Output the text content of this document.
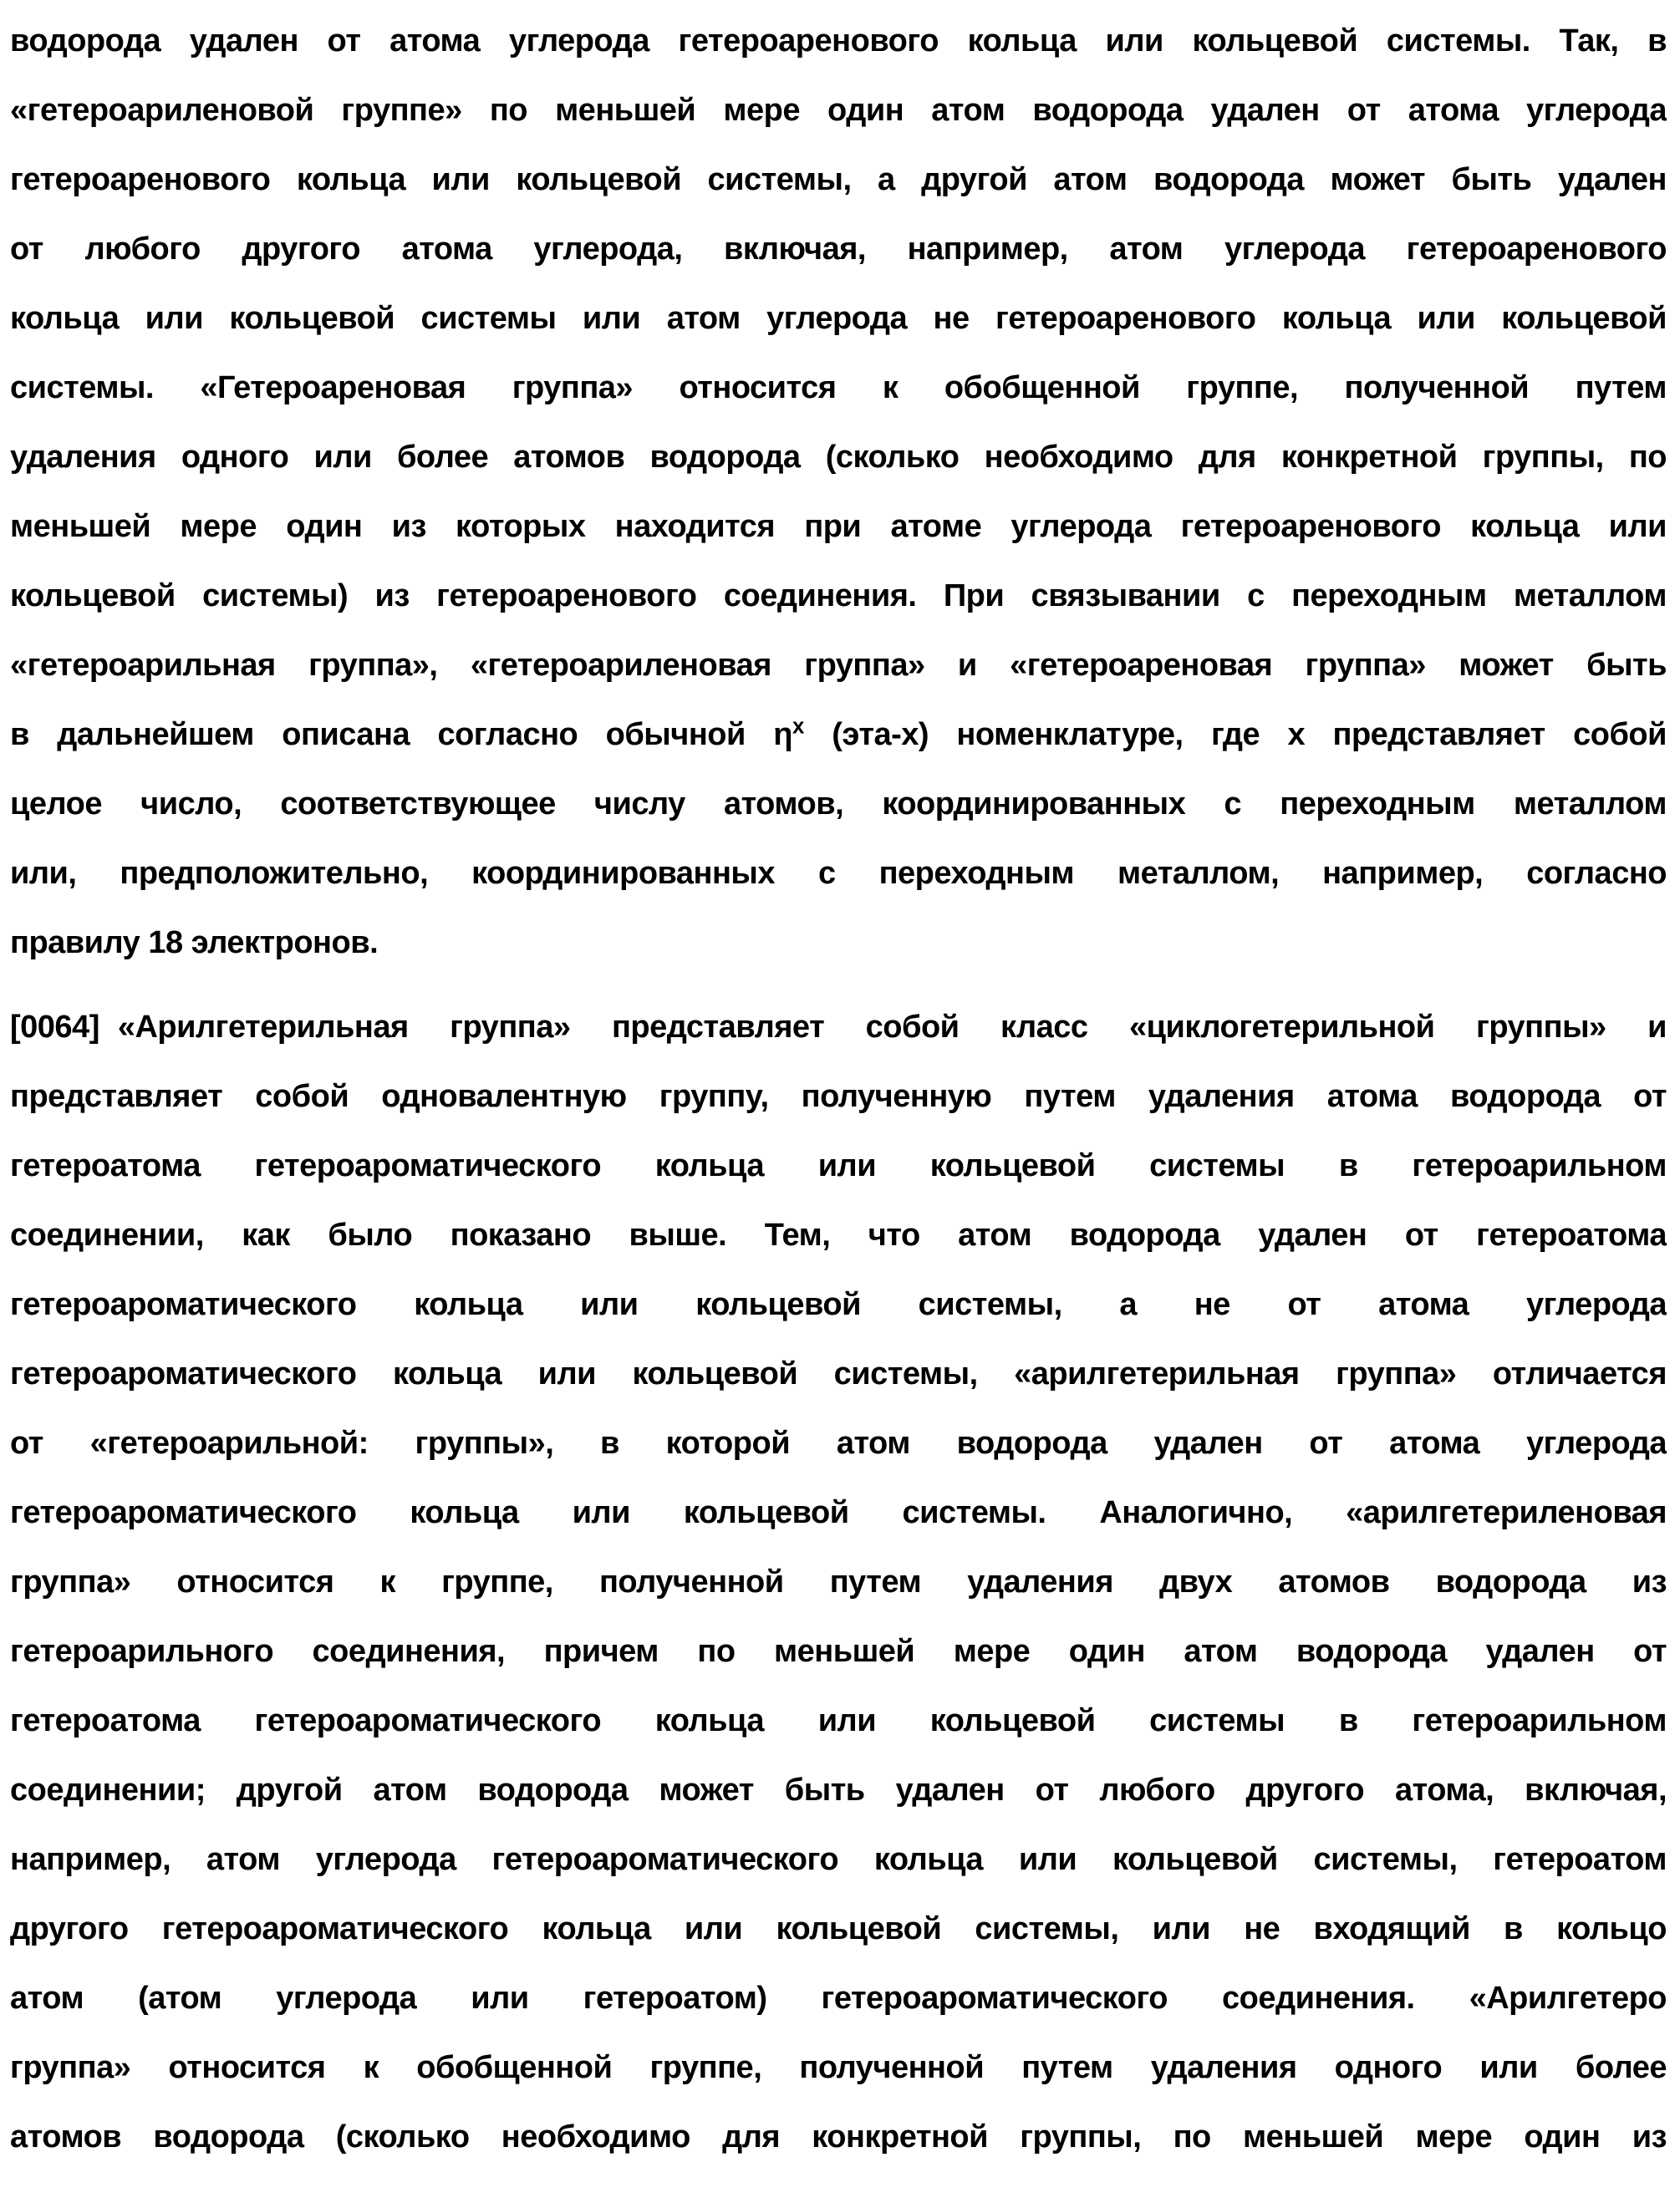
водорода удален от атома углерода гетероаренового кольца или кольцевой системы. Так, в
«гетероариленовой группе» по меньшей мере один атом водорода удален от атома углерода
гетероаренового кольца или кольцевой системы, а другой атом водорода может быть удален
от любого другого атома углерода, включая, например, атом углерода гетероаренового
кольца или кольцевой системы или атом углерода не гетероаренового кольца или кольцевой
системы. «Гетероареновая группа» относится к обобщенной группе, полученной путем
удаления одного или более атомов водорода (сколько необходимо для конкретной группы, по
меньшей мере один из которых находится при атоме углерода гетероаренового кольца или
кольцевой системы) из гетероаренового соединения. При связывании с переходным металлом
«гетероарильная группа», «гетероариленовая группа» и «гетероареновая группа» может быть
в дальнейшем описана согласно обычной $\eta^x$ (эта-x) номенклатуре, где x представляет собой
целое число, соответствующее числу атомов, координированных с переходным металлом
или, предположительно, координированных с переходным металлом, например, согласно
правилу 18 электронов.
[0064] «Арилгетерильная группа» представляет собой класс «циклогетерильной группы» и
представляет собой одновалентную группу, полученную путем удаления атома водорода от
гетероатома гетероароматического кольца или кольцевой системы в гетероарильном
соединении, как было показано выше. Тем, что атом водорода удален от гетероатома
гетероароматического кольца или кольцевой системы, а не от атома углерода
гетероароматического кольца или кольцевой системы, «арилгетерильная группа» отличается
от «гетероарильной: группы», в которой атом водорода удален от атома углерода
гетероароматического кольца или кольцевой системы. Аналогично, «арилгетериленовая
группа» относится к группе, полученной путем удаления двух атомов водорода из
гетероарильного соединения, причем по меньшей мере один атом водорода удален от
гетероатома гетероароматического кольца или кольцевой системы в гетероарильном
соединении; другой атом водорода может быть удален от любого другого атома, включая,
например, атом углерода гетероароматического кольца или кольцевой системы, гетероатом
другого гетероароматического кольца или кольцевой системы, или не входящий в кольцо
атом (атом углерода или гетероатом) гетероароматического соединения. «Арилгетеро
группа» относится к обобщенной группе, полученной путем удаления одного или более
атомов водорода (сколько необходимо для конкретной группы, по меньшей мере один из
